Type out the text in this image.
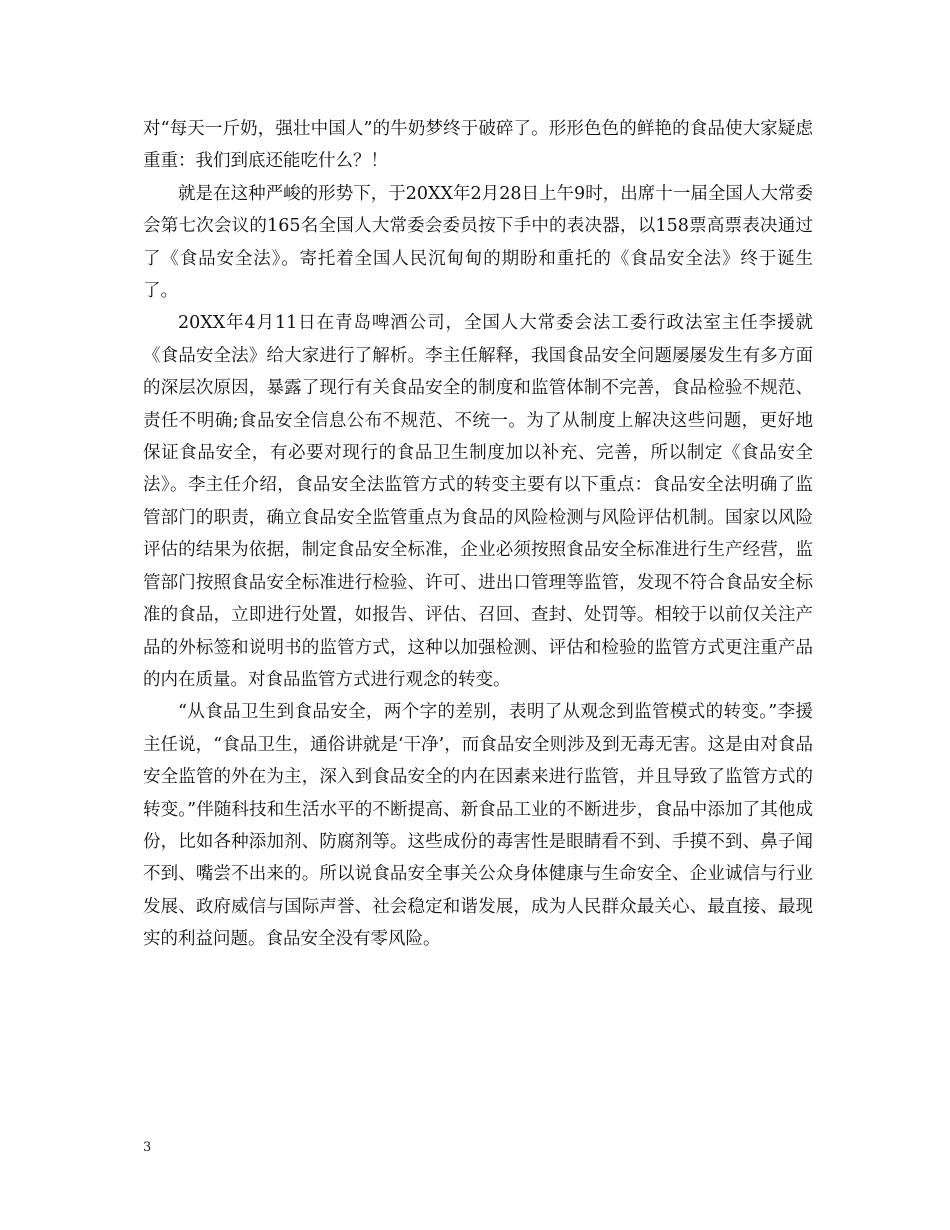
对“每天一斤奶，强壮中国人”的牛奶梦终于破碎了。形形色色的鲜艳的食品使大家疑虑重重：我们到底还能吃什么？！

就是在这种严峻的形势下，于20XX年2月28日上午9时，出席十一届全国人大常委会第七次会议的165名全国人大常委会委员按下手中的表决器，以158票高票表决通过了《食品安全法》。寄托着全国人民沉甸甸的期盼和重托的《食品安全法》终于诞生了。

20XX年4月11日在青岛啤酒公司，全国人大常委会法工委行政法室主任李援就《食品安全法》给大家进行了解析。李主任解释，我国食品安全问题屡屡发生有多方面的深层次原因，暴露了现行有关食品安全的制度和监管体制不完善，食品检验不规范、责任不明确;食品安全信息公布不规范、不统一。为了从制度上解决这些问题，更好地保证食品安全，有必要对现行的食品卫生制度加以补充、完善，所以制定《食品安全法》。李主任介绍，食品安全法监管方式的转变主要有以下重点：食品安全法明确了监管部门的职责，确立食品安全监管重点为食品的风险检测与风险评估机制。国家以风险评估的结果为依据，制定食品安全标准，企业必须按照食品安全标准进行生产经营，监管部门按照食品安全标准进行检验、许可、进出口管理等监管，发现不符合食品安全标准的食品，立即进行处置，如报告、评估、召回、查封、处罚等。相较于以前仅关注产品的外标签和说明书的监管方式，这种以加强检测、评估和检验的监管方式更注重产品的内在质量。对食品监管方式进行观念的转变。

“从食品卫生到食品安全，两个字的差别，表明了从观念到监管模式的转变。”李援主任说，“食品卫生，通俗讲就是‘干净’，而食品安全则涉及到无毒无害。这是由对食品安全监管的外在为主，深入到食品安全的内在因素来进行监管，并且导致了监管方式的转变。”伴随科技和生活水平的不断提高、新食品工业的不断进步，食品中添加了其他成份，比如各种添加剂、防腐剂等。这些成份的毒害性是眼睛看不到、手摸不到、鼻子闻不到、嘴尝不出来的。所以说食品安全事关公众身体健康与生命安全、企业诚信与行业发展、政府威信与国际声誉、社会稳定和谐发展，成为人民群众最关心、最直接、最现实的利益问题。食品安全没有零风险。

3
